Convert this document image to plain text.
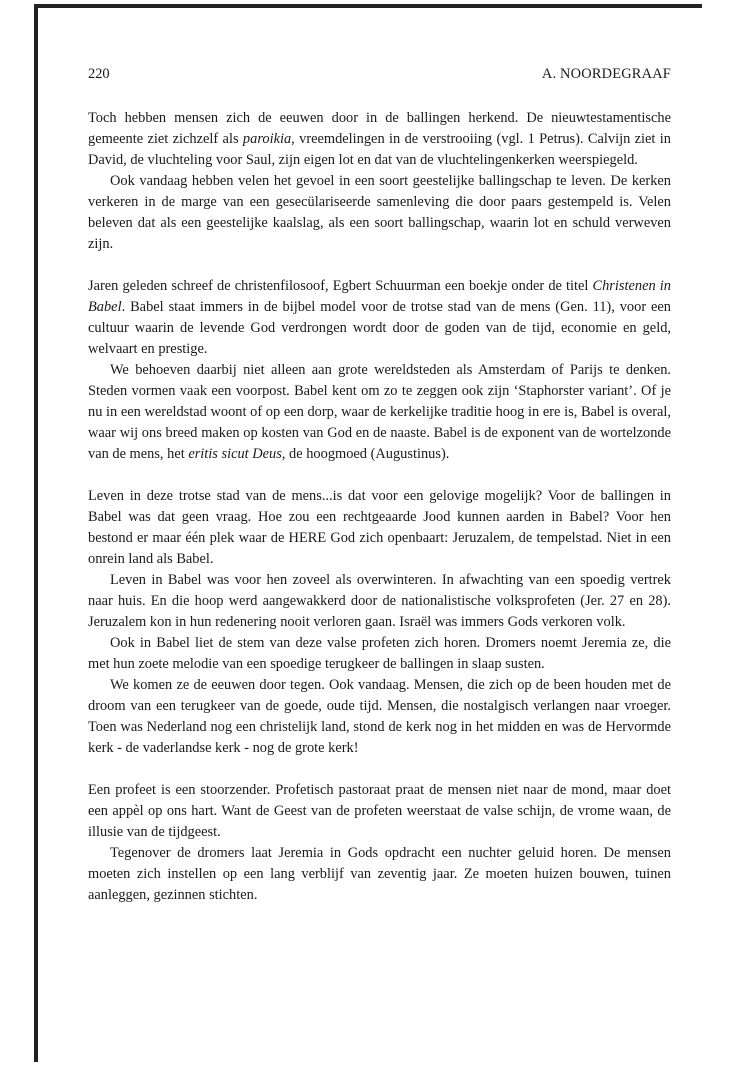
220	A. NOORDEGRAAF

Toch hebben mensen zich de eeuwen door in de ballingen herkend. De nieuwtestamentische gemeente ziet zichzelf als paroikia, vreemdelingen in de verstrooiing (vgl. 1 Petrus). Calvijn ziet in David, de vluchteling voor Saul, zijn eigen lot en dat van de vluchtelingenkerken weerspiegeld.

Ook vandaag hebben velen het gevoel in een soort geestelijke ballingschap te leven. De kerken verkeren in de marge van een gesecülariseerde samenleving die door paars gestempeld is. Velen beleven dat als een geestelijke kaalslag, als een soort ballingschap, waarin lot en schuld verweven zijn.

Jaren geleden schreef de christenfilosoof, Egbert Schuurman een boekje onder de titel Christenen in Babel. Babel staat immers in de bijbel model voor de trotse stad van de mens (Gen. 11), voor een cultuur waarin de levende God verdrongen wordt door de goden van de tijd, economie en geld, welvaart en prestige.

We behoeven daarbij niet alleen aan grote wereldsteden als Amsterdam of Parijs te denken. Steden vormen vaak een voorpost. Babel kent om zo te zeggen ook zijn ‘Staphorster variant’. Of je nu in een wereldstad woont of op een dorp, waar de kerkelijke traditie hoog in ere is, Babel is overal, waar wij ons breed maken op kosten van God en de naaste. Babel is de exponent van de wortelzonde van de mens, het eritis sicut Deus, de hoogmoed (Augustinus).

Leven in deze trotse stad van de mens...is dat voor een gelovige mogelijk? Voor de ballingen in Babel was dat geen vraag. Hoe zou een rechtgeaarde Jood kunnen aarden in Babel? Voor hen bestond er maar één plek waar de HERE God zich openbaart: Jeruzalem, de tempelstad. Niet in een onrein land als Babel.

Leven in Babel was voor hen zoveel als overwinteren. In afwachting van een spoedig vertrek naar huis. En die hoop werd aangewakkerd door de nationalistische volksprofeten (Jer. 27 en 28). Jeruzalem kon in hun redenering nooit verloren gaan. Israël was immers Gods verkoren volk.

Ook in Babel liet de stem van deze valse profeten zich horen. Dromers noemt Jeremia ze, die met hun zoete melodie van een spoedige terugkeer de ballingen in slaap susten.

We komen ze de eeuwen door tegen. Ook vandaag. Mensen, die zich op de been houden met de droom van een terugkeer van de goede, oude tijd. Mensen, die nostalgisch verlangen naar vroeger. Toen was Nederland nog een christelijk land, stond de kerk nog in het midden en was de Hervormde kerk - de vaderlandse kerk - nog de grote kerk!

Een profeet is een stoorzender. Profetisch pastoraat praat de mensen niet naar de mond, maar doet een appèl op ons hart. Want de Geest van de profeten weerstaat de valse schijn, de vrome waan, de illusie van de tijdgeest.

Tegenover de dromers laat Jeremia in Gods opdracht een nuchter geluid horen. De mensen moeten zich instellen op een lang verblijf van zeventig jaar. Ze moeten huizen bouwen, tuinen aanleggen, gezinnen stichten.
